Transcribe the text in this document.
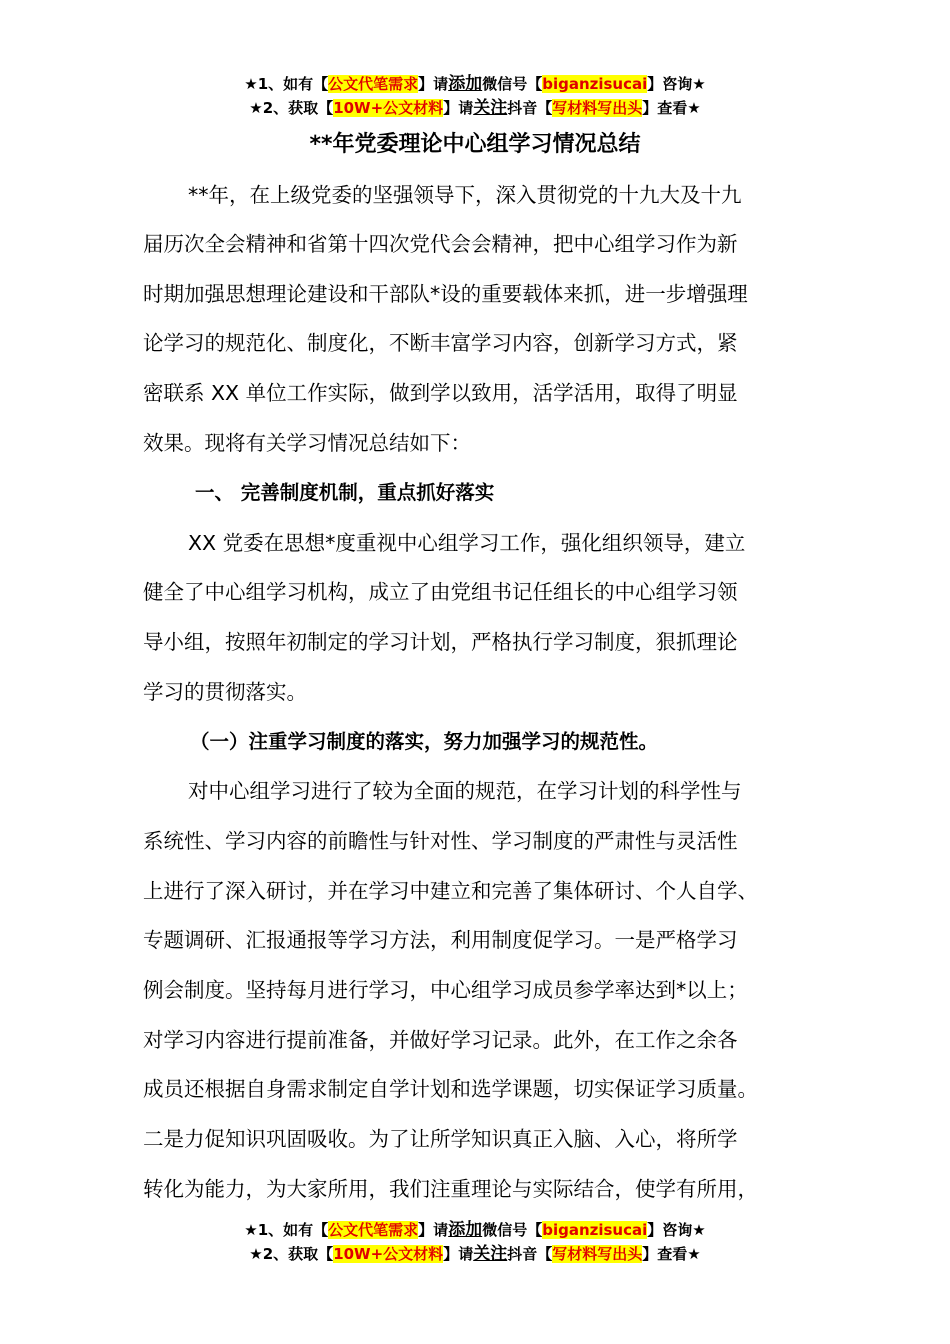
★1、如有【公文代笔需求】请添加微信号【biganzisucai】咨询★
★2、获取【10W+公文材料】请关注抖音【写材料写出头】查看★
**年党委理论中心组学习情况总结
**年，在上级党委的坚强领导下，深入贯彻党的十九大及十九
届历次全会精神和省第十四次党代会会精神，把中心组学习作为新
时期加强思想理论建设和干部队*设的重要载体来抓，进一步增强理
论学习的规范化、制度化，不断丰富学习内容，创新学习方式，紧
密联系 XX 单位工作实际，做到学以致用，活学活用，取得了明显
效果。现将有关学习情况总结如下：
一、 完善制度机制，重点抓好落实
XX 党委在思想*度重视中心组学习工作，强化组织领导，建立
健全了中心组学习机构，成立了由党组书记任组长的中心组学习领
导小组，按照年初制定的学习计划，严格执行学习制度，狠抓理论
学习的贯彻落实。
（一）注重学习制度的落实，努力加强学习的规范性。
对中心组学习进行了较为全面的规范，在学习计划的科学性与
系统性、学习内容的前瞻性与针对性、学习制度的严肃性与灵活性
上进行了深入研讨，并在学习中建立和完善了集体研讨、个人自学、
专题调研、汇报通报等学习方法，利用制度促学习。一是严格学习
例会制度。坚持每月进行学习，中心组学习成员参学率达到*以上；
对学习内容进行提前准备，并做好学习记录。此外，在工作之余各
成员还根据自身需求制定自学计划和选学课题，切实保证学习质量。
二是力促知识巩固吸收。为了让所学知识真正入脑、入心，将所学
转化为能力，为大家所用，我们注重理论与实际结合，使学有所用，
★1、如有【公文代笔需求】请添加微信号【biganzisucai】咨询★
★2、获取【10W+公文材料】请关注抖音【写材料写出头】查看★
